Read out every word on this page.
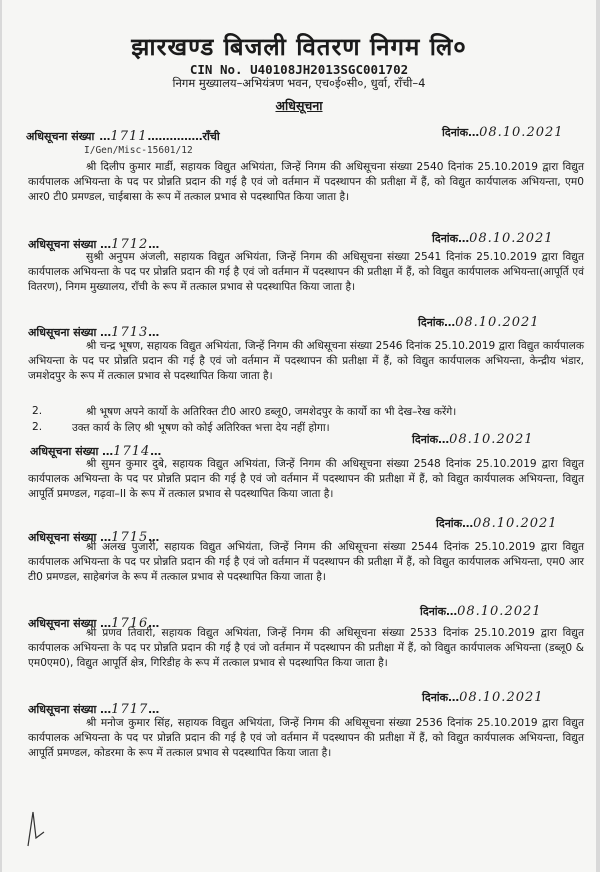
झारखण्ड बिजली वितरण निगम लि०
CIN No. U40108JH2013SGC001702
निगम मुख्यालय–अभियंत्रण भवन, एच०ई०सी०, धुर्वा, राँची–4
अधिसूचना
अधिसूचना संख्या …1711……………राँची	दिनांक…08.10.2021
I/Gen/Misc-15601/12
श्री दिलीप कुमार मार्डी, सहायक विद्युत अभियंता, जिन्हें निगम की अधिसूचना संख्या 2540 दिनांक 25.10.2019 द्वारा विद्युत कार्यपालक अभियन्ता के पद पर प्रोन्नति प्रदान की गई है एवं जो वर्तमान में पदस्थापन की प्रतीक्षा में हैं, को विद्युत कार्यपालक अभियन्ता, एम0 आर0 टी0 प्रमण्डल, चाईबासा के रूप में तत्काल प्रभाव से पदस्थापित किया जाता है।
अधिसूचना संख्या …1712…	दिनांक…08.10.2021
सुश्री अनुपम अंजली, सहायक विद्युत अभियंता, जिन्हें निगम की अधिसूचना संख्या 2541 दिनांक 25.10.2019 द्वारा विद्युत कार्यपालक अभियन्ता के पद पर प्रोन्नति प्रदान की गई है एवं जो वर्तमान में पदस्थापन की प्रतीक्षा में हैं, को विद्युत कार्यपालक अभियन्ता(आपूर्ति एवं वितरण), निगम मुख्यालय, राँची के रूप में तत्काल प्रभाव से पदस्थापित किया जाता है।
अधिसूचना संख्या …1713…
दिनांक…08.10.2021
श्री चन्द्र भूषण, सहायक विद्युत अभियंता, जिन्हें निगम की अधिसूचना संख्या 2546 दिनांक 25.10.2019 द्वारा विद्युत कार्यपालक अभियन्ता के पद पर प्रोन्नति प्रदान की गई है एवं जो वर्तमान में पदस्थापन की प्रतीक्षा में हैं, को विद्युत कार्यपालक अभियन्ता, केन्द्रीय भंडार, जमशेदपुर के रूप में तत्काल प्रभाव से पदस्थापित किया जाता है।
2.	श्री भूषण अपने कार्यो के अतिरिक्त टी0 आर0 डब्लू0, जमशेदपुर के कार्यो का भी देख–रेख करेंगे।
2.	उक्त कार्य के लिए श्री भूषण को कोई अतिरिक्त भत्ता देय नहीं होगा।
अधिसूचना संख्या …1714…
दिनांक…08.10.2021
श्री सुमन कुमार दुबे, सहायक विद्युत अभियंता, जिन्हें निगम की अधिसूचना संख्या 2548 दिनांक 25.10.2019 द्वारा विद्युत कार्यपालक अभियन्ता के पद पर प्रोन्नति प्रदान की गई है एवं जो वर्तमान में पदस्थापन की प्रतीक्षा में हैं, को विद्युत कार्यपालक अभियन्ता, विद्युत आपूर्ति प्रमण्डल, गढ़वा–II के रूप में तत्काल प्रभाव से पदस्थापित किया जाता है।
अधिसूचना संख्या …1715…
दिनांक…08.10.2021
श्री अलख पुजारी, सहायक विद्युत अभियंता, जिन्हें निगम की अधिसूचना संख्या 2544 दिनांक 25.10.2019 द्वारा विद्युत कार्यपालक अभियन्ता के पद पर प्रोन्नति प्रदान की गई है एवं जो वर्तमान में पदस्थापन की प्रतीक्षा में हैं, को विद्युत कार्यपालक अभियन्ता, एम0 आर टी0 प्रमण्डल, साहेबगंज के रूप में तत्काल प्रभाव से पदस्थापित किया जाता है।
अधिसूचना संख्या …1716…
दिनांक…08.10.2021
श्री प्रणव तिवारी, सहायक विद्युत अभियंता, जिन्हें निगम की अधिसूचना संख्या 2533 दिनांक 25.10.2019 द्वारा विद्युत कार्यपालक अभियन्ता के पद पर प्रोन्नति प्रदान की गई है एवं जो वर्तमान में पदस्थापन की प्रतीक्षा में हैं, को विद्युत कार्यपालक अभियन्ता (डब्लू0 & एम0एम0), विद्युत आपूर्ति क्षेत्र, गिरिडीह के रूप में तत्काल प्रभाव से पदस्थापित किया जाता है।
अधिसूचना संख्या …1717…
दिनांक…08.10.2021
श्री मनोज कुमार सिंह, सहायक विद्युत अभियंता, जिन्हें निगम की अधिसूचना संख्या 2536 दिनांक 25.10.2019 द्वारा विद्युत कार्यपालक अभियन्ता के पद पर प्रोन्नति प्रदान की गई है एवं जो वर्तमान में पदस्थापन की प्रतीक्षा में हैं, को विद्युत कार्यपालक अभियन्ता, विद्युत आपूर्ति प्रमण्डल, कोडरमा के रूप में तत्काल प्रभाव से पदस्थापित किया जाता है।
